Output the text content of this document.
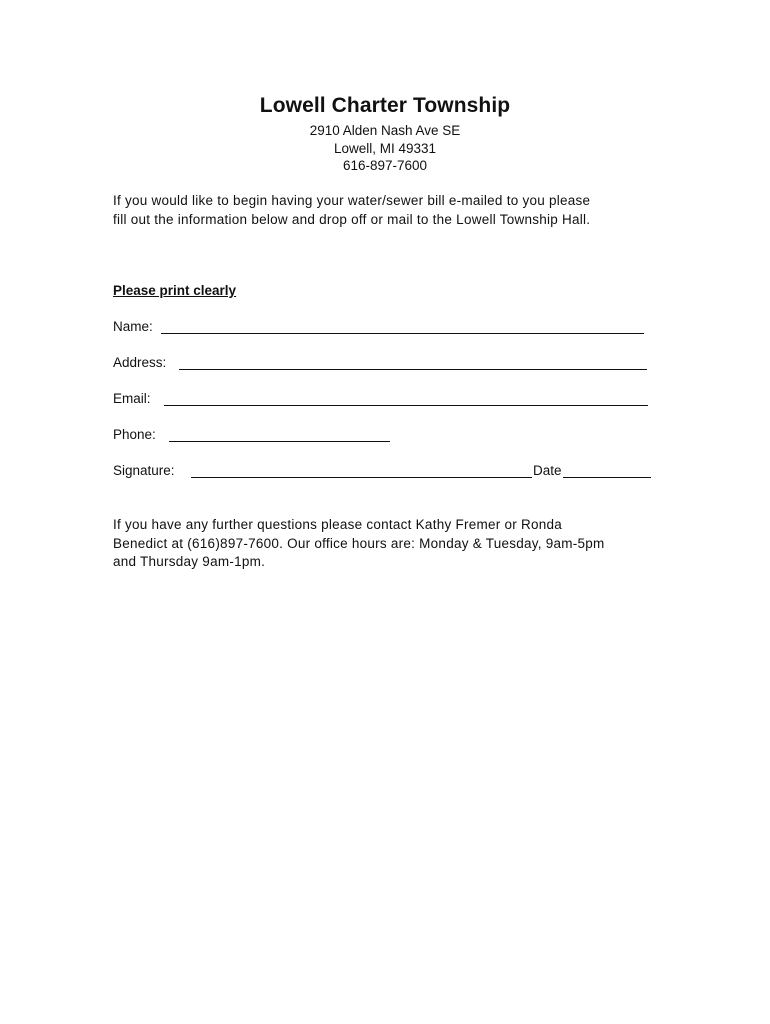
Lowell Charter Township

2910 Alden Nash Ave SE

Lowell, MI 49331

616-897-7600

If you would like to begin having your water/sewer bill e-mailed to you please
fill out the information below and drop off or mail to the Lowell Township Hall.
Please print clearly
Name:
Address:
Email:
Phone:
Signature:	Date
If you have any further questions please contact Kathy Fremer or Ronda
Benedict at (616)897-7600. Our office hours are: Monday & Tuesday, 9am-5pm
and Thursday 9am-1pm.
